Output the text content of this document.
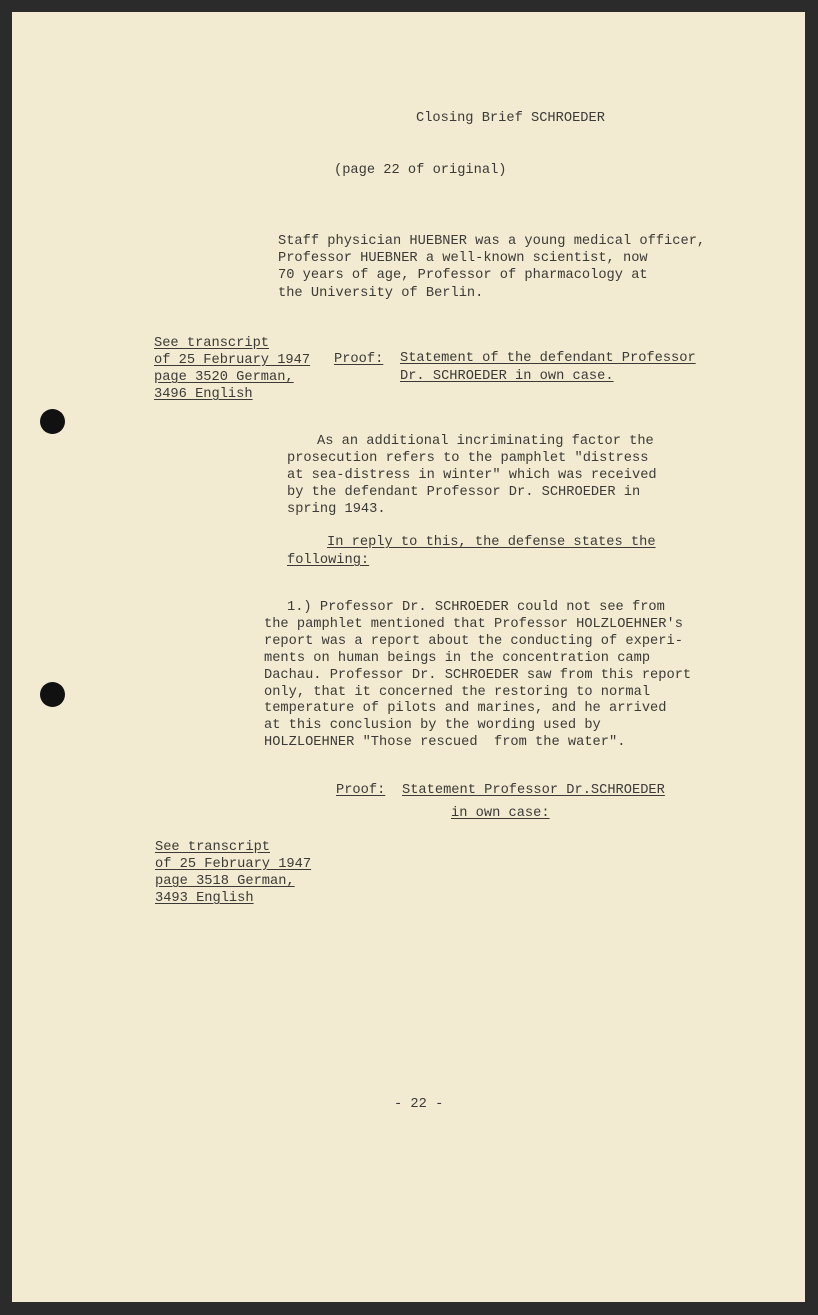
Closing Brief SCHROEDER
(page 22 of original)
Staff physician HUEBNER was a young medical officer,
Professor HUEBNER a well-known scientist, now
70 years of age, Professor of pharmacology at
the University of Berlin.
See transcript
of 25 February 1947
page 3520 German,
3496 English
Proof: Statement of the defendant Professor
Dr. SCHROEDER in own case.
As an additional incriminating factor the
prosecution refers to the pamphlet "distress
at sea-distress in winter" which was received
by the defendant Professor Dr. SCHROEDER in
spring 1943.
In reply to this, the defense states the
following:
1.) Professor Dr. SCHROEDER could not see from
the pamphlet mentioned that Professor HOLZLOEHNER's
report was a report about the conducting of experi-
ments on human beings in the concentration camp
Dachau. Professor Dr. SCHROEDER saw from this report
only, that it concerned the restoring to normal
temperature of pilots and marines, and he arrived
at this conclusion by the wording used by
HOLZLOEHNER "Those rescued  from the water".
Proof: Statement Professor Dr.SCHROEDER
in own case:
See transcript
of 25 February 1947
page 3518 German,
3493 English
- 22 -
